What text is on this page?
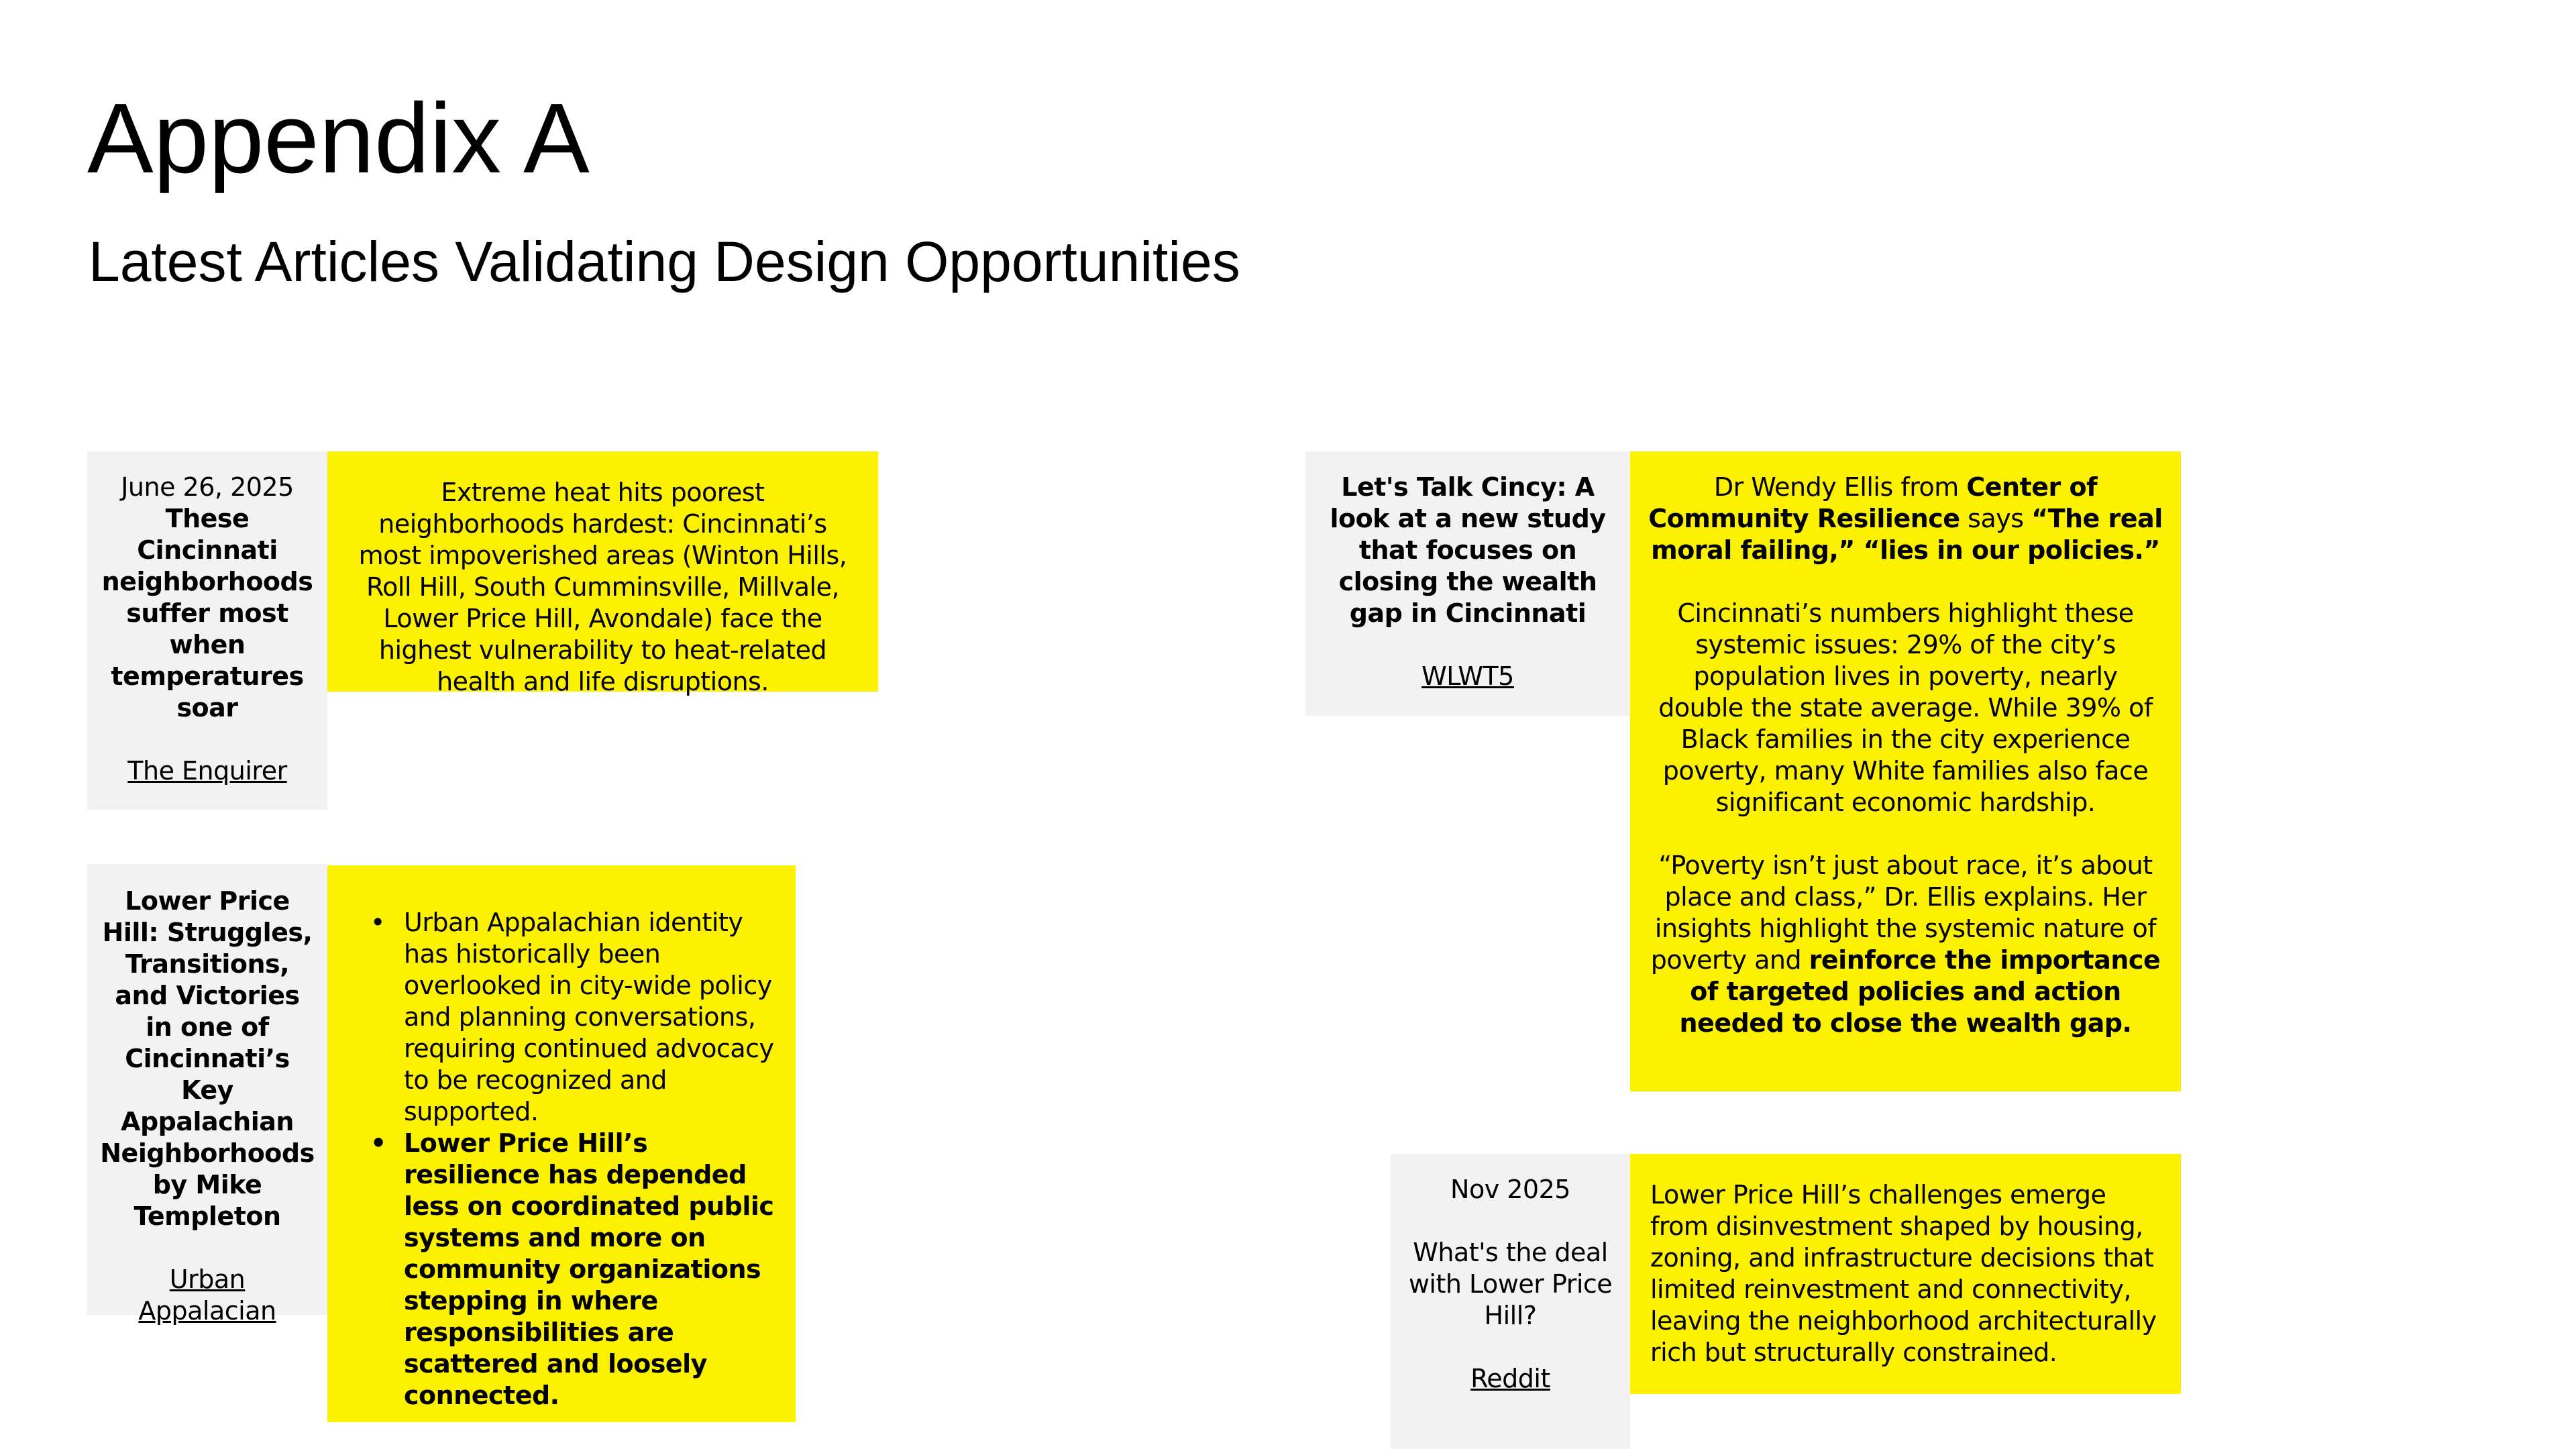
Appendix A
Latest Articles Validating Design Opportunities
June 26, 2025
These Cincinnati neighborhoods suffer most when temperatures soar
The Enquirer
Extreme heat hits poorest neighborhoods hardest: Cincinnati’s most impoverished areas (Winton Hills, Roll Hill, South Cumminsville, Millvale, Lower Price Hill, Avondale) face the highest vulnerability to heat-related health and life disruptions.
Lower Price Hill: Struggles, Transitions, and Victories in one of Cincinnati’s Key Appalachian Neighborhoods by Mike Templeton
Urban Appalacian
• Urban Appalachian identity has historically been overlooked in city-wide policy and planning conversations, requiring continued advocacy to be recognized and supported.
• Lower Price Hill’s resilience has depended less on coordinated public systems and more on community organizations stepping in where responsibilities are scattered and loosely connected.
Let's Talk Cincy: A look at a new study that focuses on closing the wealth gap in Cincinnati
WLWT5
Dr Wendy Ellis from Center of Community Resilience says “The real moral failing,” “lies in our policies.”
Cincinnati’s numbers highlight these systemic issues: 29% of the city’s population lives in poverty, nearly double the state average. While 39% of Black families in the city experience poverty, many White families also face significant economic hardship.
“Poverty isn’t just about race, it’s about place and class,” Dr. Ellis explains. Her insights highlight the systemic nature of poverty and reinforce the importance of targeted policies and action needed to close the wealth gap.
Nov 2025
What's the deal with Lower Price Hill?
Reddit
Lower Price Hill’s challenges emerge from disinvestment shaped by housing, zoning, and infrastructure decisions that limited reinvestment and connectivity, leaving the neighborhood architecturally rich but structurally constrained.
